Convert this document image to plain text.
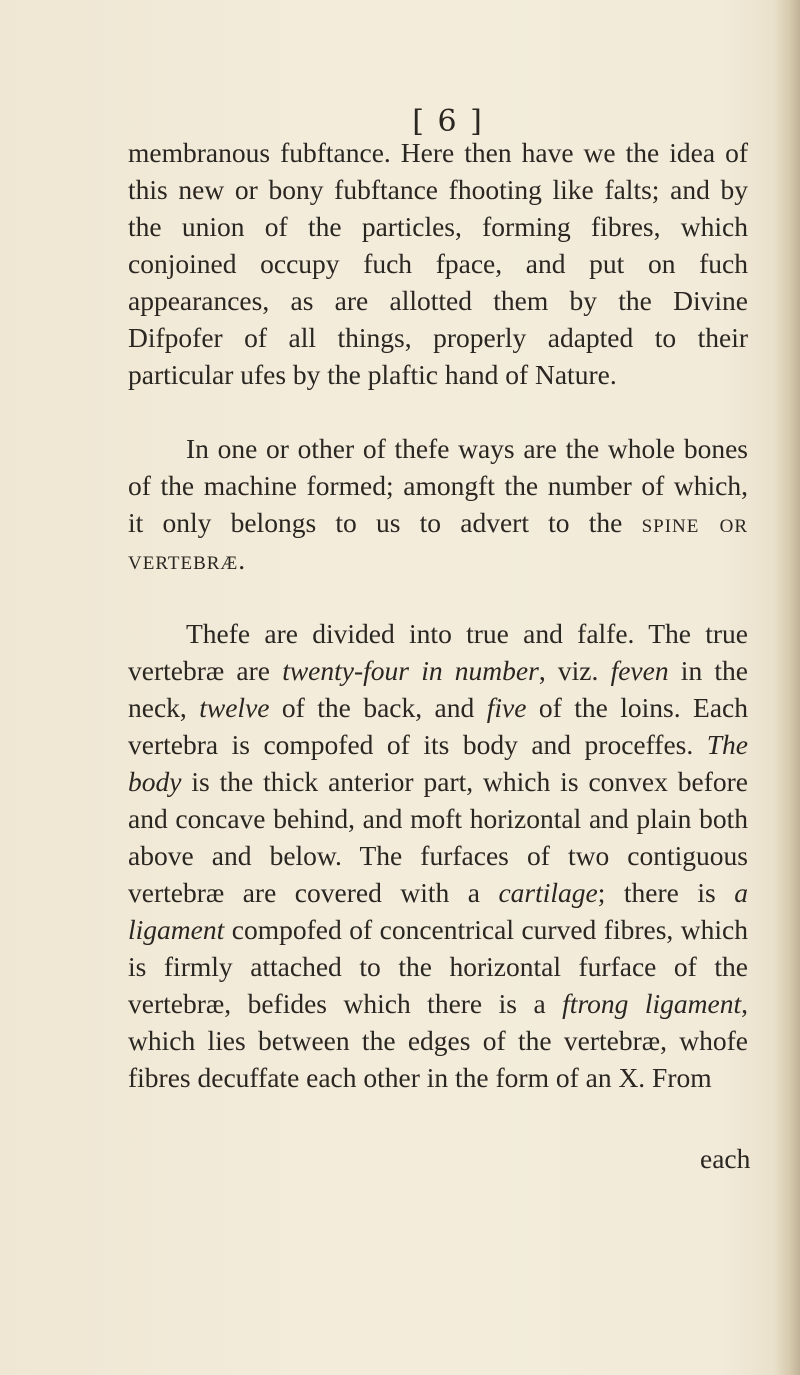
[ 6 ]

membranous fubftance. Here then have we the idea of this new or bony fubftance fhooting like falts; and by the union of the particles, forming fibres, which conjoined occupy fuch fpace, and put on fuch appearances, as are allotted them by the Divine Difpofer of all things, properly adapted to their particular ufes by the plaftic hand of Nature.

In one or other of thefe ways are the whole bones of the machine formed; amongft the number of which, it only belongs to us to advert to the spine or vertebræ.

Thefe are divided into true and falfe. The true vertebræ are twenty-four in number, viz. feven in the neck, twelve of the back, and five of the loins. Each vertebra is compofed of its body and proceffes. The body is the thick anterior part, which is convex before and concave behind, and moft horizontal and plain both above and below. The furfaces of two contiguous vertebræ are covered with a cartilage; there is a ligament compofed of concentrical curved fibres, which is firmly attached to the horizontal furface of the vertebræ, befides which there is a ftrong ligament, which lies between the edges of the vertebræ, whofe fibres decuffate each other in the form of an X. From

each
